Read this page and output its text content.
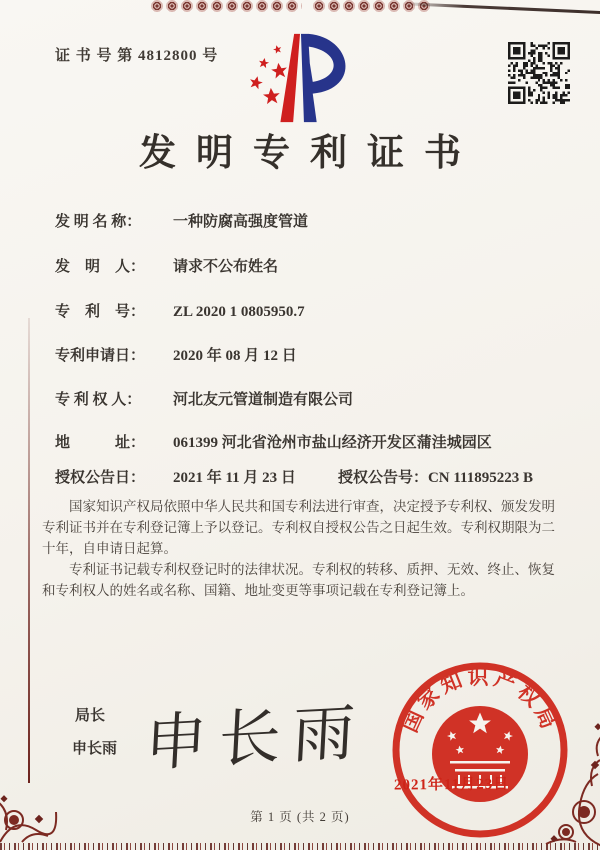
证 书 号 第 4812800 号
发明专利证书
发 明 名 称： 一种防腐高强度管道
发　明　人： 请求不公布姓名
专　利　号： ZL 2020 1 0805950.7
专利申请日： 2020 年 08 月 12 日
专 利 权 人： 河北友元管道制造有限公司
地　　　址： 061399 河北省沧州市盐山经济开发区蒲洼城园区
授权公告日： 2021 年 11 月 23 日	授权公告号：CN 111895223 B

国家知识产权局依照中华人民共和国专利法进行审查，决定授予专利权、颁发发明专利证书并在专利登记簿上予以登记。专利权自授权公告之日起生效。专利权期限为二十年，自申请日起算。

专利证书记载专利权登记时的法律状况。专利权的转移、质押、无效、终止、恢复和专利权人的姓名或名称、国籍、地址变更等事项记载在专利登记簿上。

局长
申长雨 申长雨 国家知识产权局
2021年11月23日
第 1 页 (共 2 页)
